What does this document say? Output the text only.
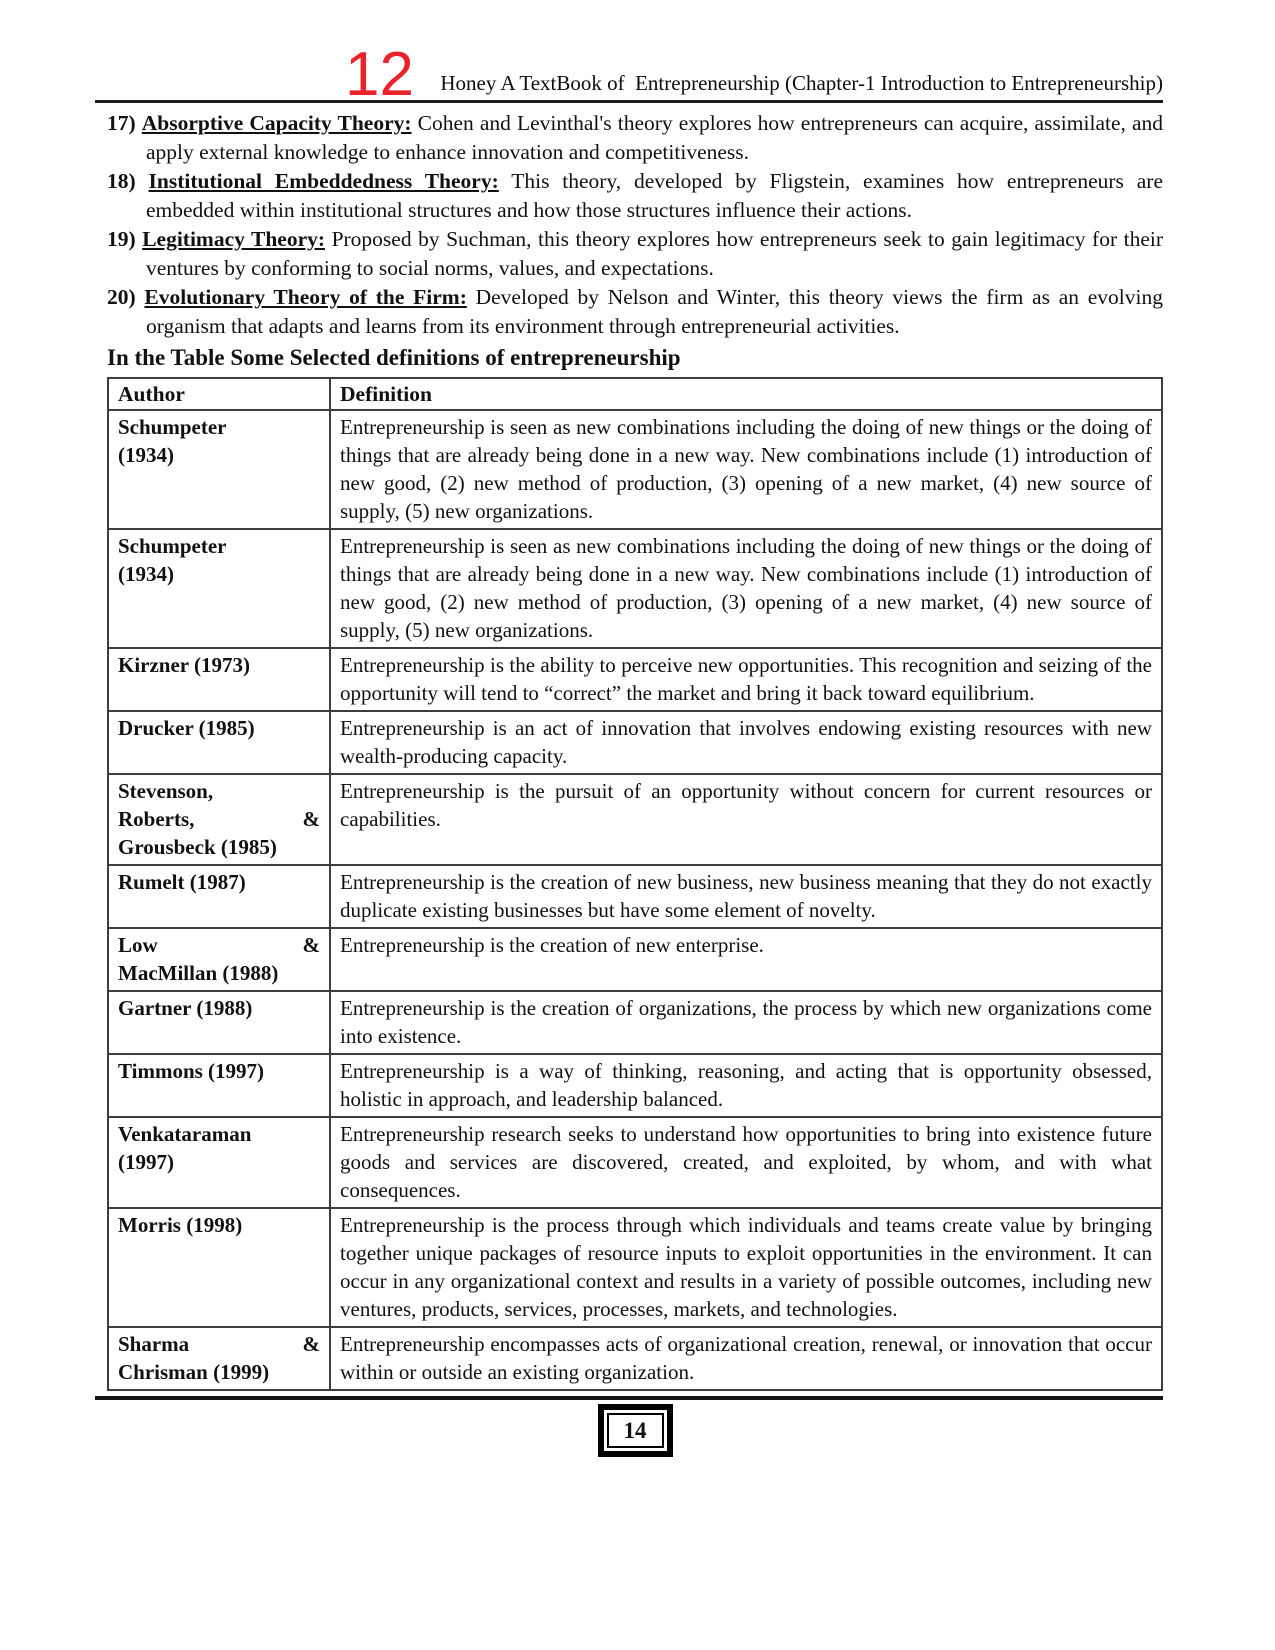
12 Honey A TextBook of  Entrepreneurship (Chapter-1 Introduction to Entrepreneurship)
17) Absorptive Capacity Theory: Cohen and Levinthal's theory explores how entrepreneurs can acquire, assimilate, and apply external knowledge to enhance innovation and competitiveness.
18) Institutional Embeddedness Theory: This theory, developed by Fligstein, examines how entrepreneurs are embedded within institutional structures and how those structures influence their actions.
19) Legitimacy Theory: Proposed by Suchman, this theory explores how entrepreneurs seek to gain legitimacy for their ventures by conforming to social norms, values, and expectations.
20) Evolutionary Theory of the Firm: Developed by Nelson and Winter, this theory views the firm as an evolving organism that adapts and learns from its environment through entrepreneurial activities.
In the Table Some Selected definitions of entrepreneurship
Author	Definition

Schumpeter
(1934)	Entrepreneurship is seen as new combinations including the doing of new things or the doing of things that are already being done in a new way. New combinations include (1) introduction of new good, (2) new method of production, (3) opening of a new market, (4) new source of supply, (5) new organizations.

Schumpeter
(1934)	Entrepreneurship is seen as new combinations including the doing of new things or the doing of things that are already being done in a new way. New combinations include (1) introduction of new good, (2) new method of production, (3) opening of a new market, (4) new source of supply, (5) new organizations.
Kirzner (1973)	Entrepreneurship is the ability to perceive new opportunities. This recognition and seizing of the opportunity will tend to “correct” the market and bring it back toward equilibrium.
Drucker (1985)	Entrepreneurship is an act of innovation that involves endowing existing resources with new wealth-producing capacity.

Stevenson,
Roberts, &
Grousbeck (1985)	Entrepreneurship is the pursuit of an opportunity without concern for current resources or capabilities.
Rumelt (1987)	Entrepreneurship is the creation of new business, new business meaning that they do not exactly duplicate existing businesses but have some element of novelty.

Low &
MacMillan (1988)	Entrepreneurship is the creation of new enterprise.
Gartner (1988)	Entrepreneurship is the creation of organizations, the process by which new organizations come into existence.
Timmons (1997)	Entrepreneurship is a way of thinking, reasoning, and acting that is opportunity obsessed, holistic in approach, and leadership balanced.

Venkataraman
(1997)	Entrepreneurship research seeks to understand how opportunities to bring into existence future goods and services are discovered, created, and exploited, by whom, and with what consequences.
Morris (1998)	Entrepreneurship is the process through which individuals and teams create value by bringing together unique packages of resource inputs to exploit opportunities in the environment. It can occur in any organizational context and results in a variety of possible outcomes, including new ventures, products, services, processes, markets, and technologies.

Sharma &
Chrisman (1999)	Entrepreneurship encompasses acts of organizational creation, renewal, or innovation that occur within or outside an existing organization.
14
